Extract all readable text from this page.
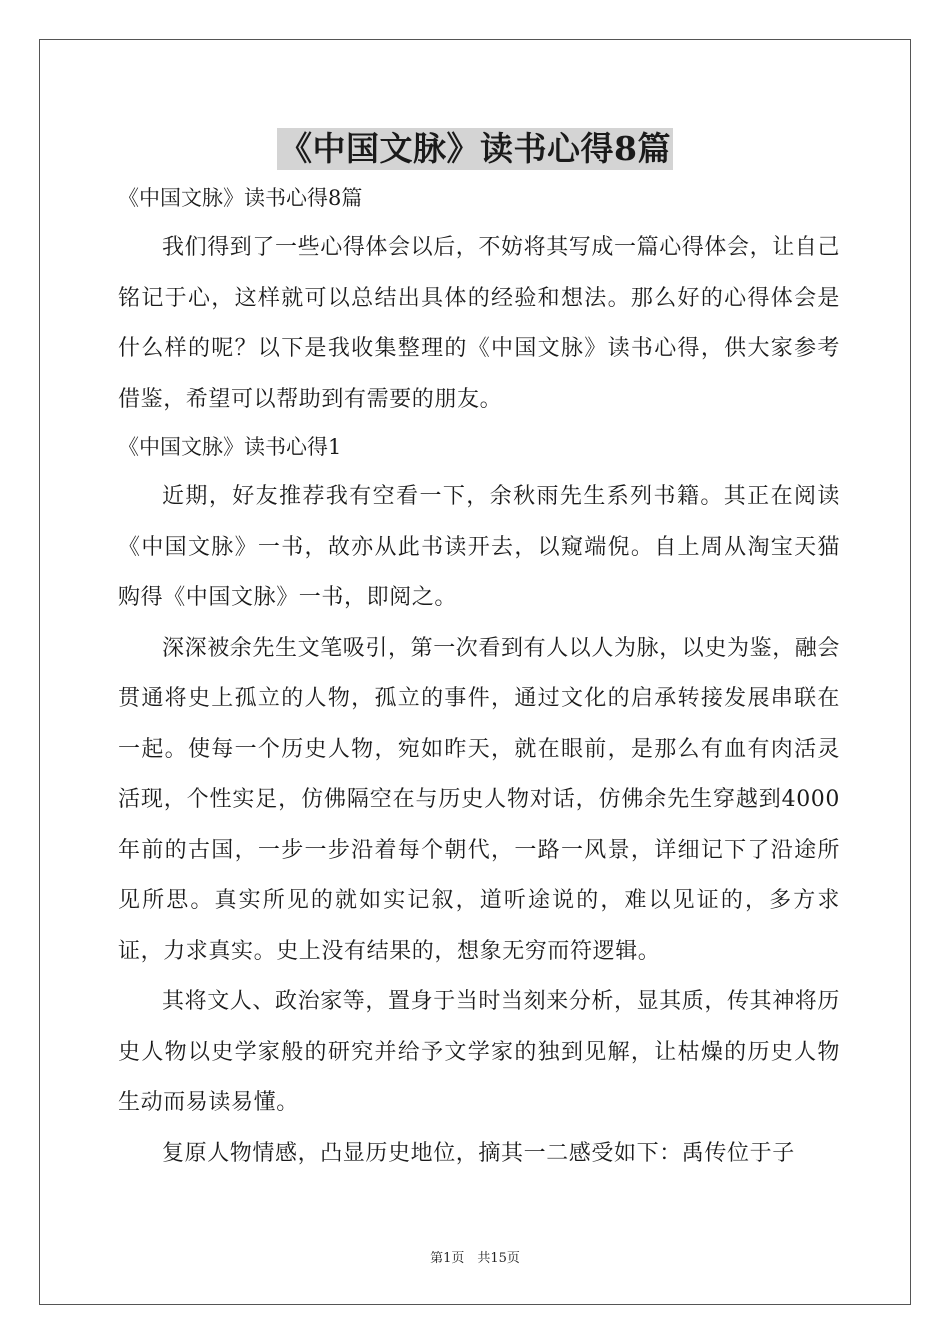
《中国文脉》读书心得8篇

《中国文脉》读书心得8篇

我们得到了一些心得体会以后，不妨将其写成一篇心得体会，让自己铭记于心，这样就可以总结出具体的经验和想法。那么好的心得体会是什么样的呢？以下是我收集整理的《中国文脉》读书心得，供大家参考借鉴，希望可以帮助到有需要的朋友。

《中国文脉》读书心得1

近期，好友推荐我有空看一下，余秋雨先生系列书籍。其正在阅读《中国文脉》一书，故亦从此书读开去，以窥端倪。自上周从淘宝天猫购得《中国文脉》一书，即阅之。

深深被余先生文笔吸引，第一次看到有人以人为脉，以史为鉴，融会贯通将史上孤立的人物，孤立的事件，通过文化的启承转接发展串联在一起。使每一个历史人物，宛如昨天，就在眼前，是那么有血有肉活灵活现，个性实足，仿佛隔空在与历史人物对话，仿佛余先生穿越到4000年前的古国，一步一步沿着每个朝代，一路一风景，详细记下了沿途所见所思。真实所见的就如实记叙，道听途说的，难以见证的，多方求证，力求真实。史上没有结果的，想象无穷而符逻辑。

其将文人、政治家等，置身于当时当刻来分析，显其质，传其神将历史人物以史学家般的研究并给予文学家的独到见解，让枯燥的历史人物生动而易读易懂。

复原人物情感，凸显历史地位，摘其一二感受如下：禹传位于子

第1页　共15页
